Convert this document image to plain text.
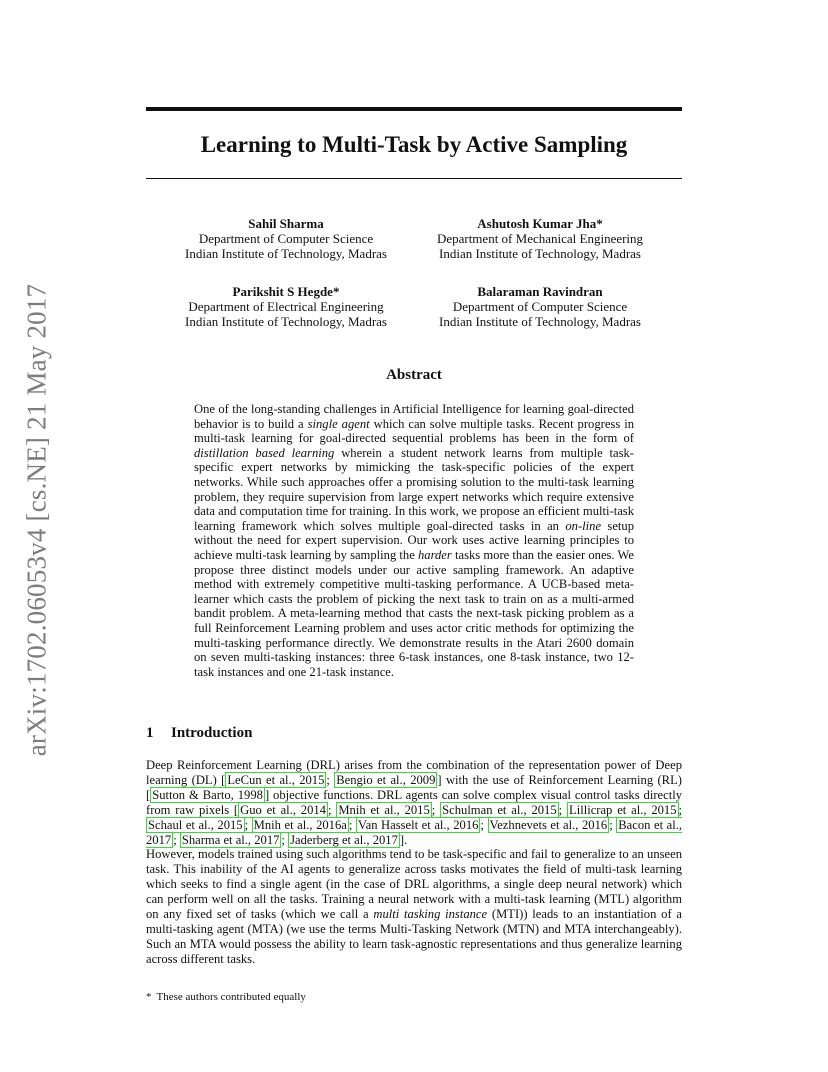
arXiv:1702.06053v4 [cs.NE] 21 May 2017
Learning to Multi-Task by Active Sampling
Sahil Sharma
Department of Computer Science
Indian Institute of Technology, Madras
Ashutosh Kumar Jha*
Department of Mechanical Engineering
Indian Institute of Technology, Madras
Parikshit S Hegde*
Department of Electrical Engineering
Indian Institute of Technology, Madras
Balaraman Ravindran
Department of Computer Science
Indian Institute of Technology, Madras
Abstract

One of the long-standing challenges in Artificial Intelligence for learning goal-directed behavior is to build a single agent which can solve multiple tasks. Recent progress in multi-task learning for goal-directed sequential problems has been in the form of distillation based learning wherein a student network learns from multiple task-specific expert networks by mimicking the task-specific policies of the expert networks. While such approaches offer a promising solution to the multi-task learning problem, they require supervision from large expert networks which require extensive data and computation time for training. In this work, we propose an efficient multi-task learning framework which solves multiple goal-directed tasks in an on-line setup without the need for expert supervision. Our work uses active learning principles to achieve multi-task learning by sampling the harder tasks more than the easier ones. We propose three distinct models under our active sampling framework. An adaptive method with extremely competitive multi-tasking performance. A UCB-based meta-learner which casts the problem of picking the next task to train on as a multi-armed bandit problem. A meta-learning method that casts the next-task picking problem as a full Reinforcement Learning problem and uses actor critic methods for optimizing the multi-tasking performance directly. We demonstrate results in the Atari 2600 domain on seven multi-tasking instances: three 6-task instances, one 8-task instance, two 12-task instances and one 21-task instance.

1 Introduction

Deep Reinforcement Learning (DRL) arises from the combination of the representation power of Deep learning (DL) [ LeCun et al., 2015 ; Bengio et al., 2009 ] with the use of Reinforcement Learning (RL) [ Sutton & Barto, 1998 ] objective functions. DRL agents can solve complex visual control tasks directly from raw pixels [ Guo et al., 2014 ; Mnih et al., 2015 ; Schulman et al., 2015 ; Lillicrap et al., 2015 ; Schaul et al., 2015 ; Mnih et al., 2016a ; Van Hasselt et al., 2016 ; Vezhnevets et al., 2016 ; Bacon et al., 2017 ; Sharma et al., 2017 ; Jaderberg et al., 2017 ].

However, models trained using such algorithms tend to be task-specific and fail to generalize to an unseen task. This inability of the AI agents to generalize across tasks motivates the field of multi-task learning which seeks to find a single agent (in the case of DRL algorithms, a single deep neural network) which can perform well on all the tasks. Training a neural network with a multi-task learning (MTL) algorithm on any fixed set of tasks (which we call a multi tasking instance (MTI)) leads to an instantiation of a multi-tasking agent (MTA) (we use the terms Multi-Tasking Network (MTN) and MTA interchangeably). Such an MTA would possess the ability to learn task-agnostic representations and thus generalize learning across different tasks.

* These authors contributed equally
